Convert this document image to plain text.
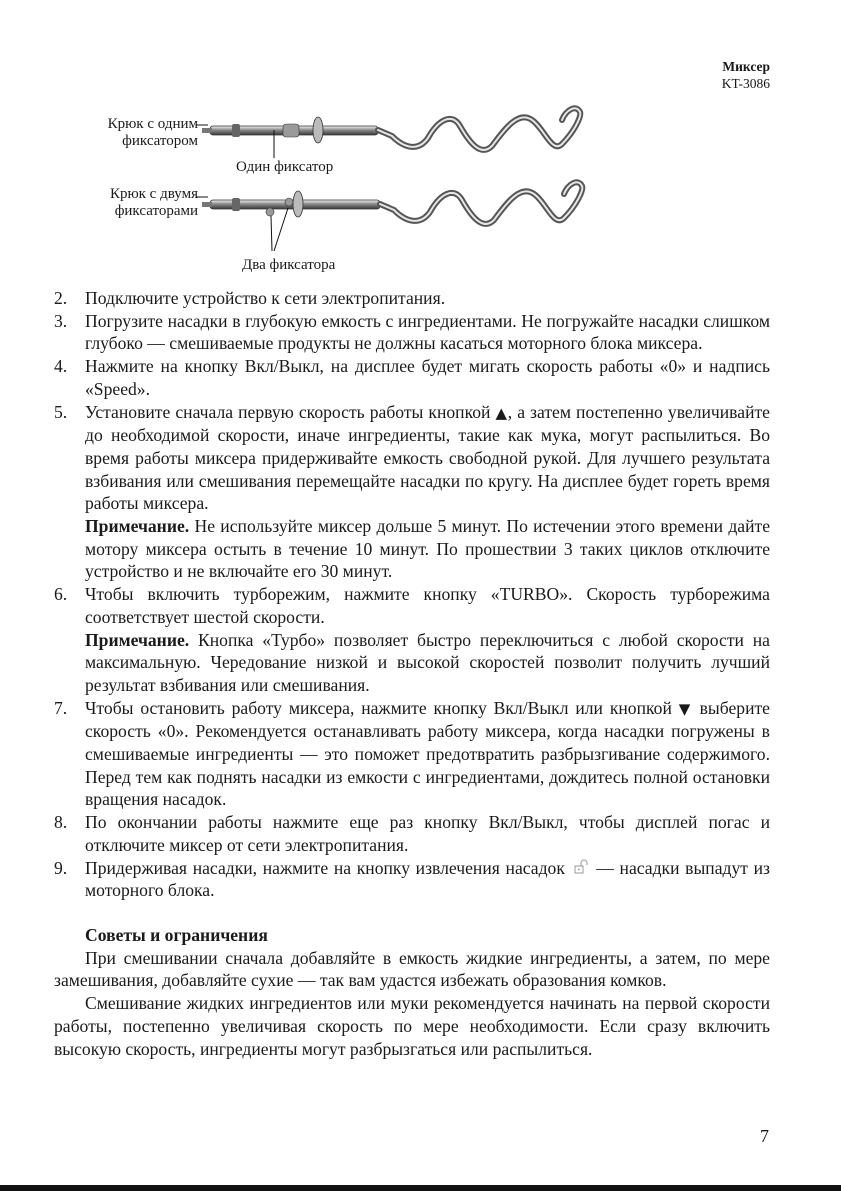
Миксер
KT-3086
Крюк с одним
фиксатором
Один фиксатор
Крюк с двумя
фиксаторами
Два фиксатора
2. Подключите устройство к сети электропитания.
3. Погрузите насадки в глубокую емкость с ингредиентами. Не погружайте насадки слишком глубоко — смешиваемые продукты не должны касаться моторного блока миксера.
4. Нажмите на кнопку Вкл/Выкл, на дисплее будет мигать скорость работы «0» и надпись «Speed».
5. Установите сначала первую скорость работы кнопкой ▲, а затем постепенно увеличивайте до необходимой скорости, иначе ингредиенты, такие как мука, могут распылиться. Во время работы миксера придерживайте емкость свободной рукой. Для лучшего результата взбивания или смешивания перемещайте насадки по кругу. На дисплее будет гореть время работы миксера.
Примечание. Не используйте миксер дольше 5 минут. По истечении этого времени дайте мотору миксера остыть в течение 10 минут. По прошествии 3 таких циклов отключите устройство и не включайте его 30 минут.
6. Чтобы включить турборежим, нажмите кнопку «TURBO». Скорость турборежима соответствует шестой скорости.
Примечание. Кнопка «Турбо» позволяет быстро переключиться с любой скорости на максимальную. Чередование низкой и высокой скоростей позволит получить лучший результат взбивания или смешивания.
7. Чтобы остановить работу миксера, нажмите кнопку Вкл/Выкл или кнопкой ▼ выберите скорость «0». Рекомендуется останавливать работу миксера, когда насадки погружены в смешиваемые ингредиенты — это поможет предотвратить разбрызгивание содержимого. Перед тем как поднять насадки из емкости с ингредиентами, дождитесь полной остановки вращения насадок.
8. По окончании работы нажмите еще раз кнопку Вкл/Выкл, чтобы дисплей погас и отключите миксер от сети электропитания.
9. Придерживая насадки, нажмите на кнопку извлечения насадок — насадки выпадут из моторного блока.
Советы и ограничения
При смешивании сначала добавляйте в емкость жидкие ингредиенты, а затем, по мере замешивания, добавляйте сухие — так вам удастся избежать образования комков.
Смешивание жидких ингредиентов или муки рекомендуется начинать на первой скорости работы, постепенно увеличивая скорость по мере необходимости. Если сразу включить высокую скорость, ингредиенты могут разбрызгаться или распылиться.
7
